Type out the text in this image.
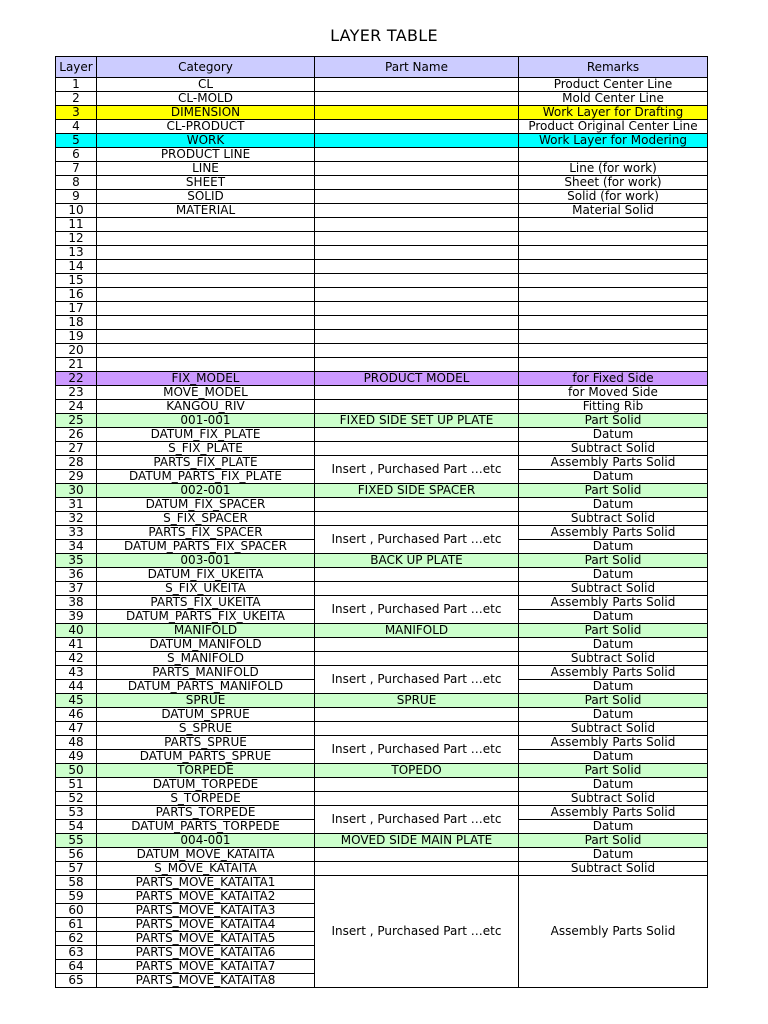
LAYER TABLE
Layer	Category	Part Name	Remarks
1	CL		Product Center Line
2	CL-MOLD		Mold Center Line
3	DIMENSION		Work Layer for Drafting
4	CL-PRODUCT		Product Original Center Line
5	WORK		Work Layer for Modering
6	PRODUCT LINE		
7	LINE		Line (for work)
8	SHEET		Sheet (for work)
9	SOLID		Solid (for work)
10	MATERIAL		Material Solid
11			
12			
13			
14			
15			
16			
17			
18			
19			
20			
21			
22	FIX_MODEL	PRODUCT MODEL	for Fixed Side
23	MOVE_MODEL		for Moved Side
24	KANGOU_RIV		Fitting Rib
25	001-001	FIXED SIDE SET UP PLATE	Part Solid
26	DATUM_FIX_PLATE		Datum
27	S_FIX_PLATE		Subtract Solid
28	PARTS_FIX_PLATE	Insert , Purchased Part …etc	Assembly Parts Solid
29	DATUM_PARTS_FIX_PLATE		Datum
30	002-001	FIXED SIDE SPACER	Part Solid
31	DATUM_FIX_SPACER		Datum
32	S_FIX_SPACER		Subtract Solid
33	PARTS_FIX_SPACER	Insert , Purchased Part …etc	Assembly Parts Solid
34	DATUM_PARTS_FIX_SPACER		Datum
35	003-001	BACK UP PLATE	Part Solid
36	DATUM_FIX_UKEITA		Datum
37	S_FIX_UKEITA		Subtract Solid
38	PARTS_FIX_UKEITA	Insert , Purchased Part …etc	Assembly Parts Solid
39	DATUM_PARTS_FIX_UKEITA		Datum
40	MANIFOLD	MANIFOLD	Part Solid
41	DATUM_MANIFOLD		Datum
42	S_MANIFOLD		Subtract Solid
43	PARTS_MANIFOLD	Insert , Purchased Part …etc	Assembly Parts Solid
44	DATUM_PARTS_MANIFOLD		Datum
45	SPRUE	SPRUE	Part Solid
46	DATUM_SPRUE		Datum
47	S_SPRUE		Subtract Solid
48	PARTS_SPRUE	Insert , Purchased Part …etc	Assembly Parts Solid
49	DATUM_PARTS_SPRUE		Datum
50	TORPEDE	TOPEDO	Part Solid
51	DATUM_TORPEDE		Datum
52	S_TORPEDE		Subtract Solid
53	PARTS_TORPEDE	Insert , Purchased Part …etc	Assembly Parts Solid
54	DATUM_PARTS_TORPEDE		Datum
55	004-001	MOVED SIDE MAIN PLATE	Part Solid
56	DATUM_MOVE_KATAITA		Datum
57	S_MOVE_KATAITA		Subtract Solid
58	PARTS_MOVE_KATAITA1	Insert , Purchased Part …etc	Assembly Parts Solid
59	PARTS_MOVE_KATAITA2		
60	PARTS_MOVE_KATAITA3		
61	PARTS_MOVE_KATAITA4		
62	PARTS_MOVE_KATAITA5		
63	PARTS_MOVE_KATAITA6		
64	PARTS_MOVE_KATAITA7		
65	PARTS_MOVE_KATAITA8		
